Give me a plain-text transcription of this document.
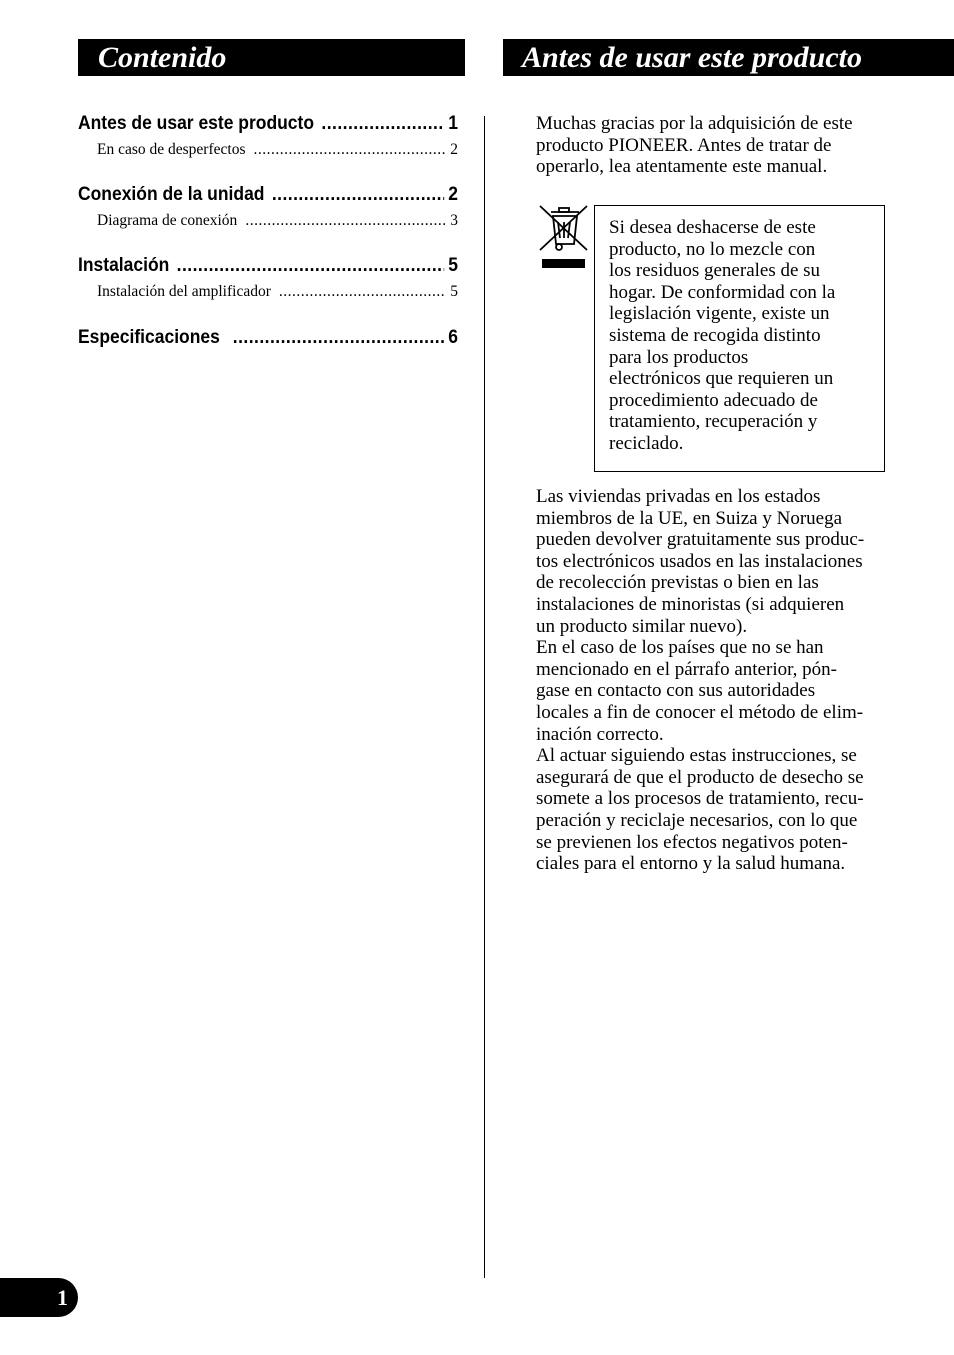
Contenido	Antes de usar este producto
Antes de usar este producto .....	1
En caso de desperfectos .....	2
Conexión de la unidad .....	2
Diagrama de conexión .....	3
Instalación .....	5
Instalación del amplificador .....	5
Especificaciones .....	6
Muchas gracias por la adquisición de este
producto PIONEER. Antes de tratar de
operarlo, lea atentamente este manual.
Si desea deshacerse de este
producto, no lo mezcle con
los residuos generales de su
hogar. De conformidad con la
legislación vigente, existe un
sistema de recogida distinto
para los productos
electrónicos que requieren un
procedimiento adecuado de
tratamiento, recuperación y
reciclado.
Las viviendas privadas en los estados
miembros de la UE, en Suiza y Noruega
pueden devolver gratuitamente sus produc-
tos electrónicos usados en las instalaciones
de recolección previstas o bien en las
instalaciones de minoristas (si adquieren
un producto similar nuevo).
En el caso de los países que no se han
mencionado en el párrafo anterior, pón-
gase en contacto con sus autoridades
locales a fin de conocer el método de elim-
inación correcto.
Al actuar siguiendo estas instrucciones, se
asegurará de que el producto de desecho se
somete a los procesos de tratamiento, recu-
peración y reciclaje necesarios, con lo que
se previenen los efectos negativos poten-
ciales para el entorno y la salud humana.
1
